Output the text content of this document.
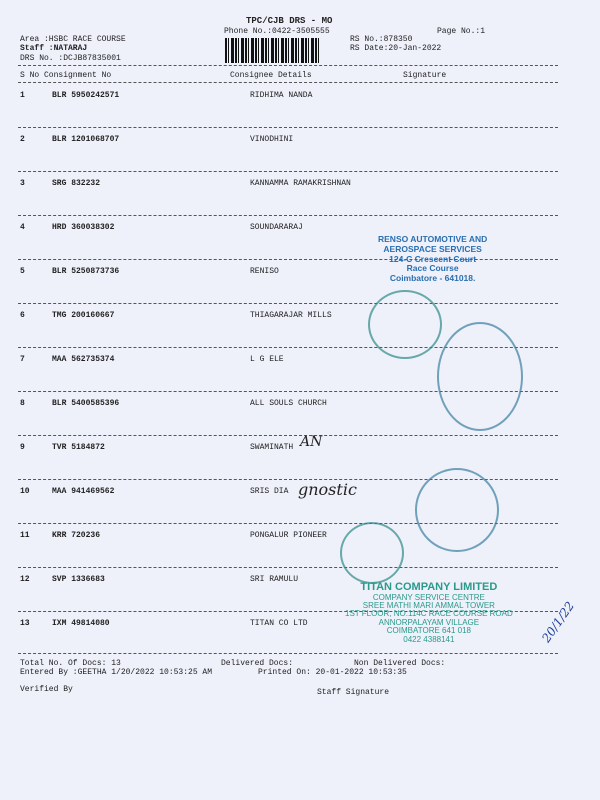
TPC/CJB DRS - MO
Phone No.:0422-3505555	Page No.:1
Area :HSBC RACE COURSE
Staff :NATARAJ
DRS No. :DCJB87835001
RS No.:878350
RS Date:20-Jan-2022
S No Consignment No	Consignee Details	Signature
1	BLR 5950242571	RIDHIMA NANDA
2	BLR 1201068707	VINODHINI
3	SRG 832232	KANNAMMA RAMAKRISHNAN
4	HRD 360038302	SOUNDARARAJ
5	BLR 5250873736	RENISO
6	TMG 200160667	THIAGARAJAR MILLS
7	MAA 562735374	L G ELE
8	BLR 5400585396	ALL SOULS CHURCH
9	TVR 5184872	SWAMINATH
10	MAA 941469562	SRIS DIA
11	KRR 720236	PONGALUR PIONEER
12	SVP 1336683	SRI RAMULU
13	IXM 49814080	TITAN CO LTD
Total No. Of Docs: 13	Delivered Docs:	Non Delivered Docs:
Entered By :GEETHA 1/20/2022 10:53:25 AM	Printed On: 20-01-2022 10:53:35
Verified By	Staff Signature
RENSO AUTOMOTIVE AND
AEROSPACE SERVICES
124-C Crescent Court
Race Course
Coimbatore - 641018.
TITAN COMPANY LIMITED
COMPANY SERVICE CENTRE
SREE MATHI MARI AMMAL TOWER
1ST FLOOR, NO.114C RACE COURSE ROAD
ANNORPALAYAM VILLAGE
COIMBATORE 641 018
0422 4388141
AN
gnostic
20/1/22
